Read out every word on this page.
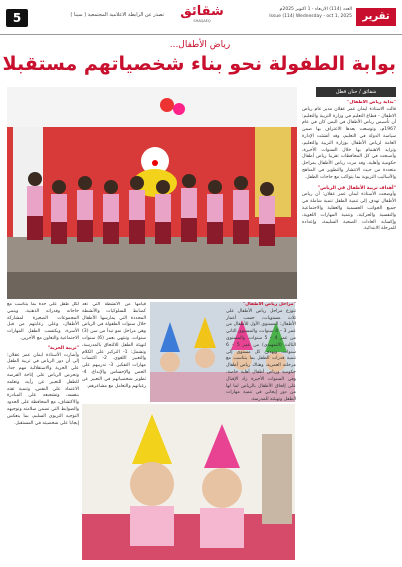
5	تصدر عن الرابطة الاعلامية المجتمعية ( سينا )	شقائق
SHAQAEQ
العدد (114) الاربعاء - 1 اكتوبر 2025م
Issue (114) Wednesday - oct 1, 2025	تقرير
رياض الأطفال...
بوابة الطفولة نحو بناء شخصياتهم مستقبلا
شقائق / حنان قطل
"بداية رياض الأطفال"
قالت الاستاذة ايمان عمر عقلان مدير عام رياض الاطفال - قطاع التعليم في وزارة التربية والتعليم: أن تأسيس رياض الأطفال في اليمن كان في عام 1967م، وتوسعت بعدها الاعتراف بها ضمن سياسة الدولة في التعليم، وقد أنشئت الإدارة العامة لرياض الأطفال بوزارة التربية والتعليم، وتزايد الاهتمام بها خلال السنوات الأخيرة، وأصبحت في كل المحافظات تقريبا رياض أطفال حكومية وأهلية، وقد مرت رياض الأطفال بمراحل متعددة من حيث الانتشار والتطوير في المناهج والأساليب التربوية بما يتواكب مع حاجات الطفل.
"أهداف تربية الأطفال في الرياض"
وأوضحت الأستاذة ايمان عمر عقلان: أن رياض الأطفال تهدف إلى تنمية الطفل تنمية شاملة في جميع الجوانب الجسمية والعقلية والاجتماعية والنفسية والحركية، وتنمية المهارات اللغوية، وإكسابه العادات الصحية السليمة، وإعداده للمرحلة الابتدائية.
لكل طفل على حدة بما يتناسب مع حاجاته وقدراته الذهنية، وينمي المجموعات الصغيرة لمشاركة الأطفال، وعلى رعايتهم من قبل الأسرة، ويكتسب الطفل المهارات الاجتماعية والتعاون مع الأخرين.
"تربية الحرية"
وأشارت الأستاذة ايمان عمر عقلان: إلى أن دور الرياض في تربية الطفل على الحرية والاستقلالية مهم جدا، وتحرص الرياض على إتاحة الفرصة للطفل للتعبير عن رأيه، وتعلمه الاعتماد على النفس، وتنمية ثقته بنفسه، وتشجيعه على المبادرة والاكتشاف، مع المحافظة على الحدود والضوابط التي تضمن سلامته وتوجيهه التوجيه التربوي السليم، بما ينعكس إيجابا على شخصيته في المستقبل.
قيامها من الأنشطة التي تعد كضابط للسلوكيات والأنشطة المحددة التي يمارسها الأطفال خلال سنوات الطفولة في الرياض وهي مراحل نمو تبدأ من سن (3) سنوات، وتنتهي بعمر (6) سنوات لتهيئة الطفل للالتحاق بالمدرسة، وتشمل: 1- التركيز على الكلام والتعبير اللغوي. 2- اكتساب مهارات التفكير. 3- تدريبهم على الحس والإحساس والإبداع. 4- تطوير شخصياتهم في التعبير عن رغباتهم والتعامل مع مشاعرهم.
"مراحل رياض الأطفال"
تتوزع مراحل رياض الأطفال على ثلاث مستويات، حسب أعمار الأطفال: المستوى الأول للأطفال من عمر 3 – 4 سنوات، والمستوى الثاني من عمر 4 – 5 سنوات، والمستوى الثالث (التمهيدي) من عمر 5 – 6 سنوات، ويهدف كل مستوى إلى تنمية قدرات الطفل بما يتناسب مع مرحلته العمرية، وهناك رياض أطفال حكومية ورياض أطفال أهلية خاصة، وفي السنوات الأخيرة زاد الإقبال على إلحاق الأطفال بالرياض لما لها من دور إيجابي في تنمية مهارات الطفل وتهيئته للمدرسة.
